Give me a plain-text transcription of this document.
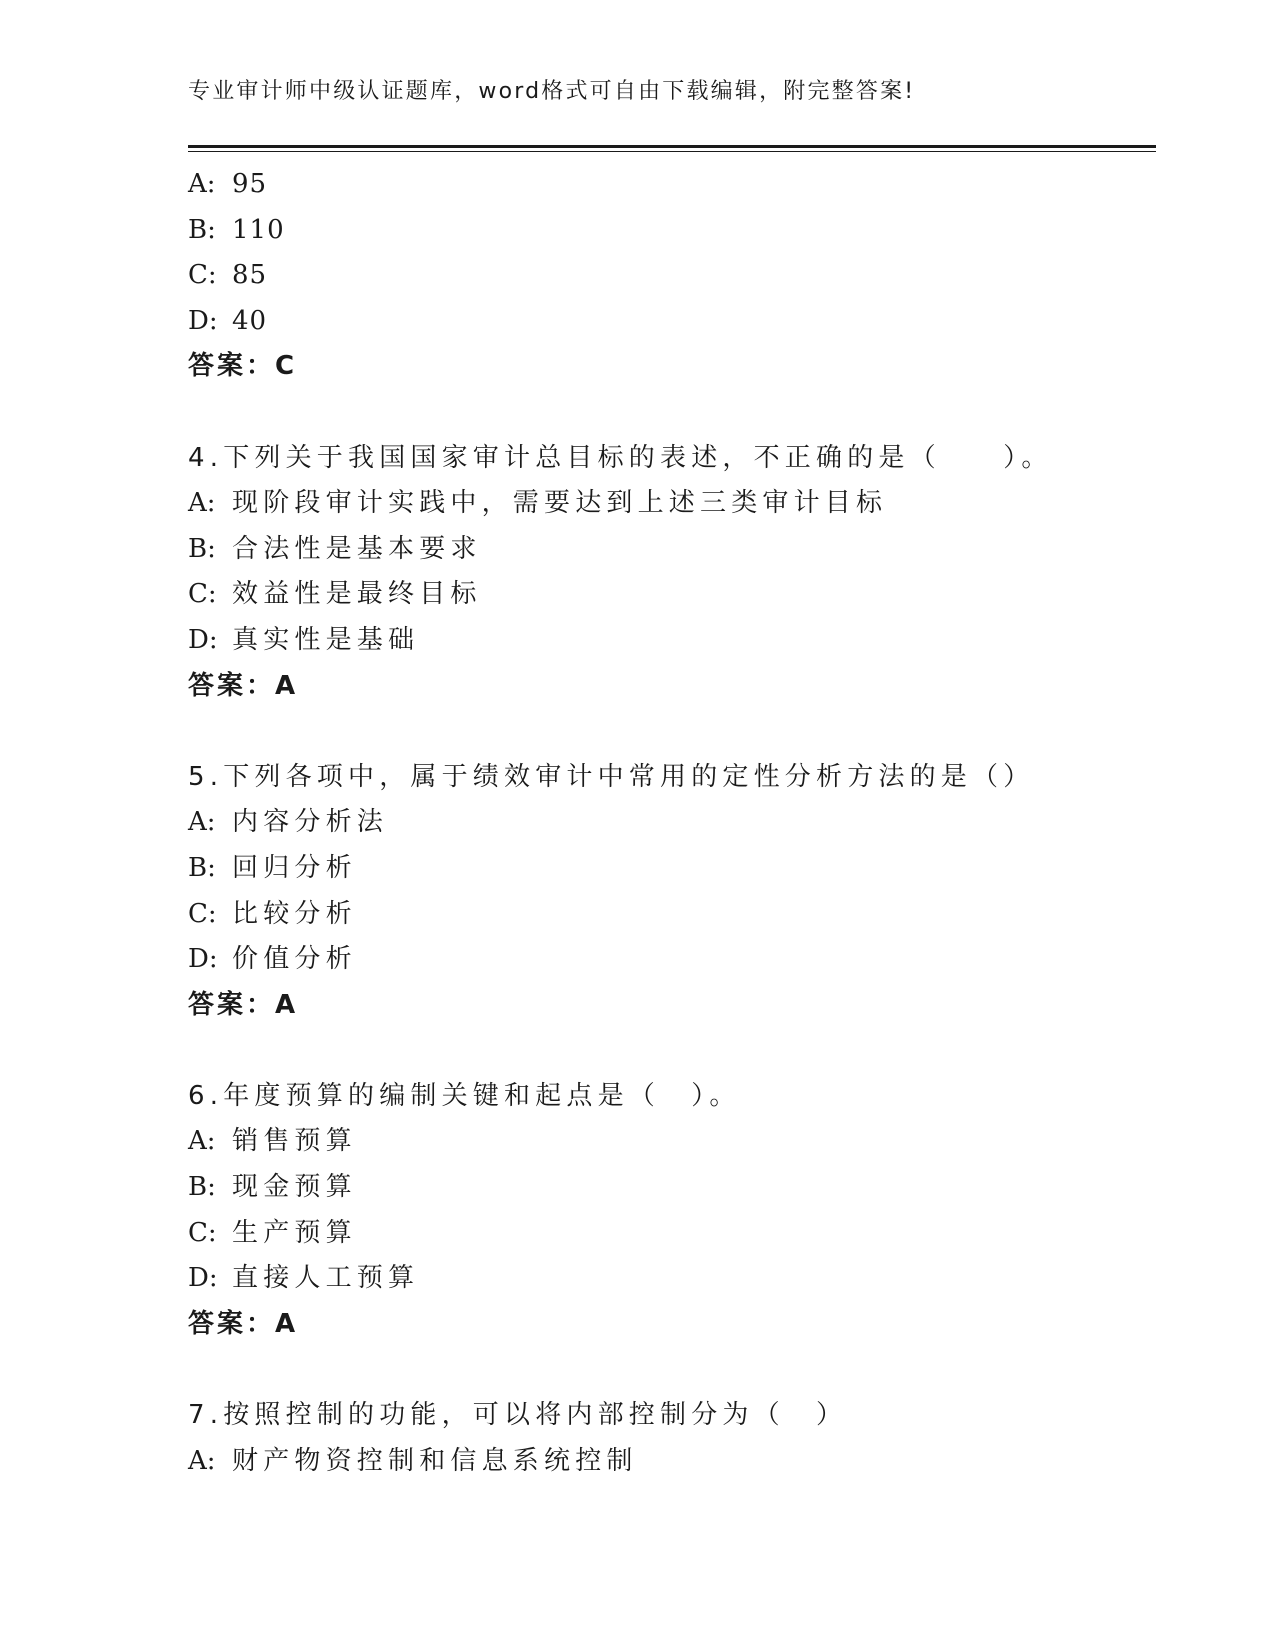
专业审计师中级认证题库，word格式可自由下载编辑，附完整答案!
A: 95
B: 110
C: 85
D: 40
答案：C
4.下列关于我国国家审计总目标的表述，不正确的是（　　）。
A: 现阶段审计实践中，需要达到上述三类审计目标
B: 合法性是基本要求
C: 效益性是最终目标
D: 真实性是基础
答案：A
5.下列各项中，属于绩效审计中常用的定性分析方法的是（）
A: 内容分析法
B: 回归分析
C: 比较分析
D: 价值分析
答案：A
6.年度预算的编制关键和起点是（　）。
A: 销售预算
B: 现金预算
C: 生产预算
D: 直接人工预算
答案：A
7.按照控制的功能，可以将内部控制分为（　）
A: 财产物资控制和信息系统控制
